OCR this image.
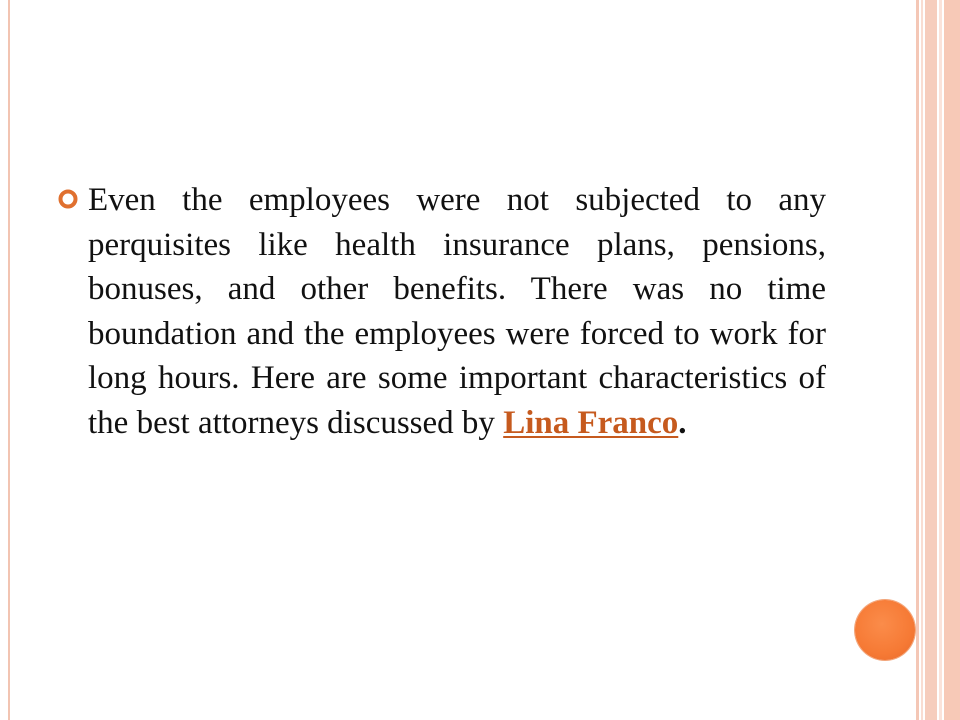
Even the employees were not subjected to any perquisites like health insurance plans, pensions, bonuses, and other benefits. There was no time boundation and the employees were forced to work for long hours. Here are some important characteristics of the best attorneys discussed by Lina Franco.
